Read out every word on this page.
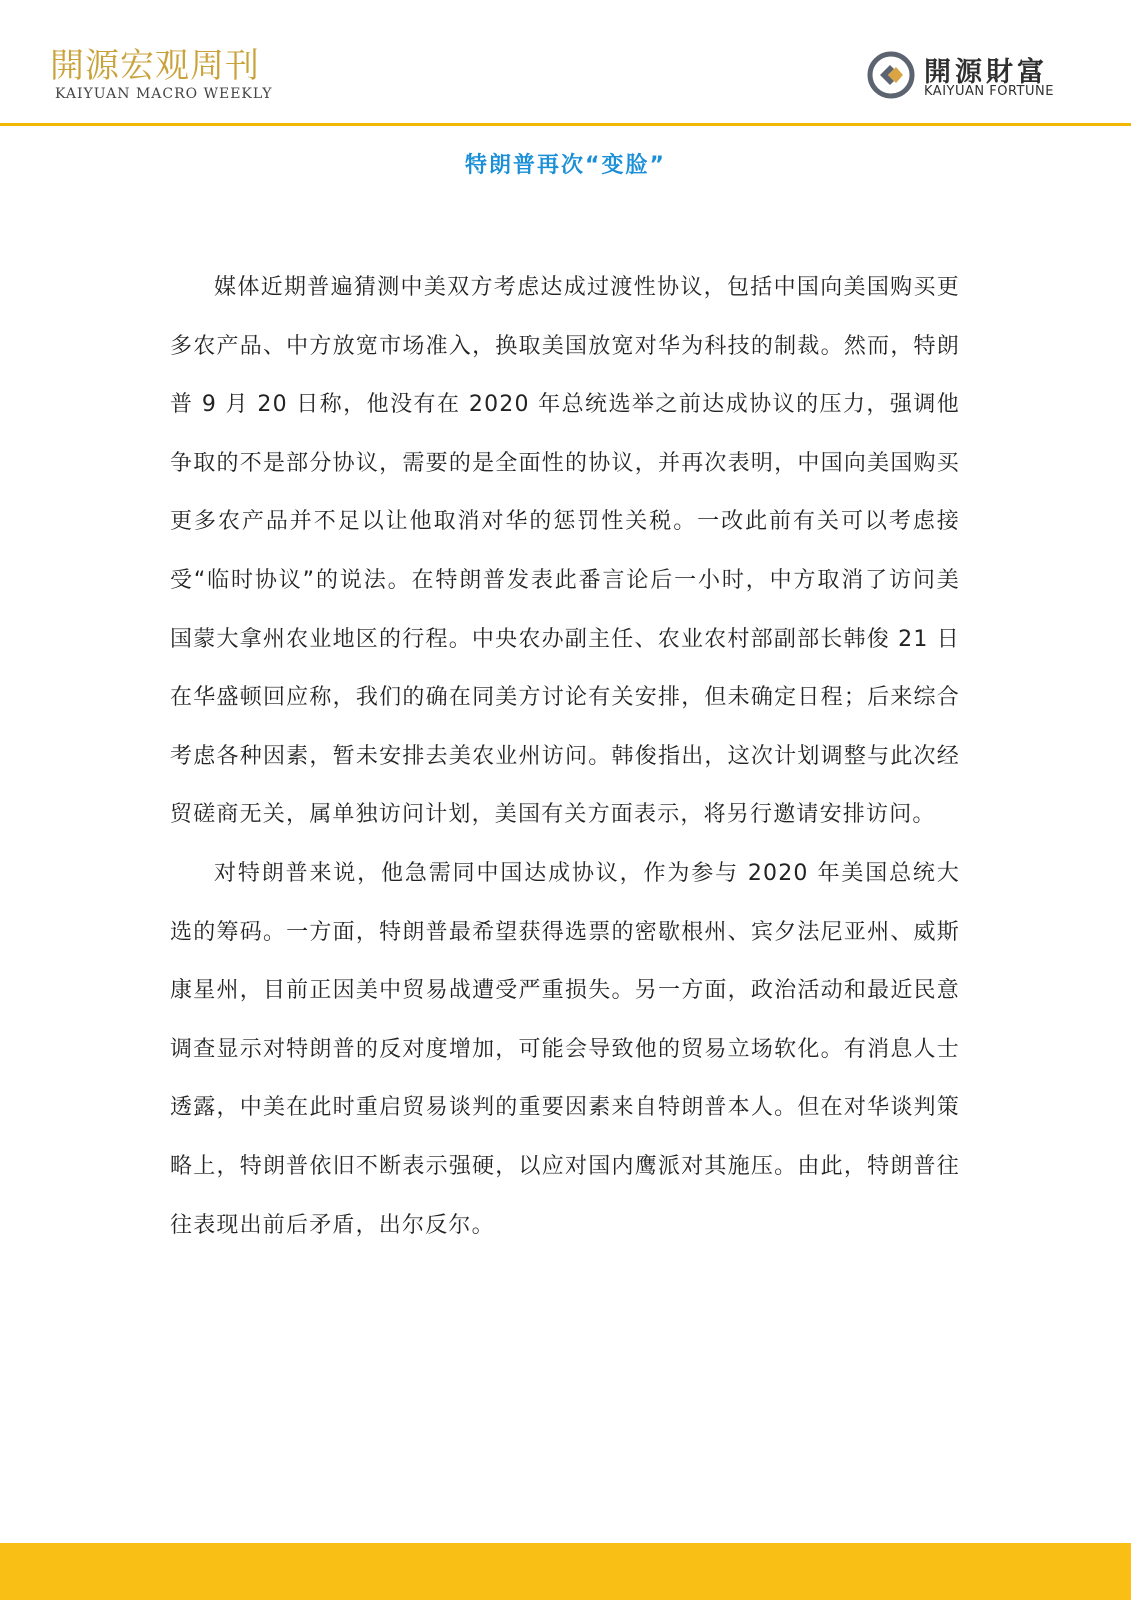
開源宏观周刊
KAIYUAN MACRO WEEKLY
開源財富
KAIYUAN FORTUNE
特朗普再次“变脸”

媒体近期普遍猜测中美双方考虑达成过渡性协议，包括中国向美国购买更多农产品、中方放宽市场准入，换取美国放宽对华为科技的制裁。然而，特朗普 9 月 20 日称，他没有在 2020 年总统选举之前达成协议的压力，强调他争取的不是部分协议，需要的是全面性的协议，并再次表明，中国向美国购买更多农产品并不足以让他取消对华的惩罚性关税。一改此前有关可以考虑接受“临时协议”的说法。在特朗普发表此番言论后一小时，中方取消了访问美国蒙大拿州农业地区的行程。中央农办副主任、农业农村部副部长韩俊 21 日在华盛顿回应称，我们的确在同美方讨论有关安排，但未确定日程；后来综合考虑各种因素，暂未安排去美农业州访问。韩俊指出，这次计划调整与此次经贸磋商无关，属单独访问计划，美国有关方面表示，将另行邀请安排访问。

对特朗普来说，他急需同中国达成协议，作为参与 2020 年美国总统大选的筹码。一方面，特朗普最希望获得选票的密歇根州、宾夕法尼亚州、威斯康星州，目前正因美中贸易战遭受严重损失。另一方面，政治活动和最近民意调查显示对特朗普的反对度增加，可能会导致他的贸易立场软化。有消息人士透露，中美在此时重启贸易谈判的重要因素来自特朗普本人。但在对华谈判策略上，特朗普依旧不断表示强硬，以应对国内鹰派对其施压。由此，特朗普往往表现出前后矛盾，出尔反尔。
